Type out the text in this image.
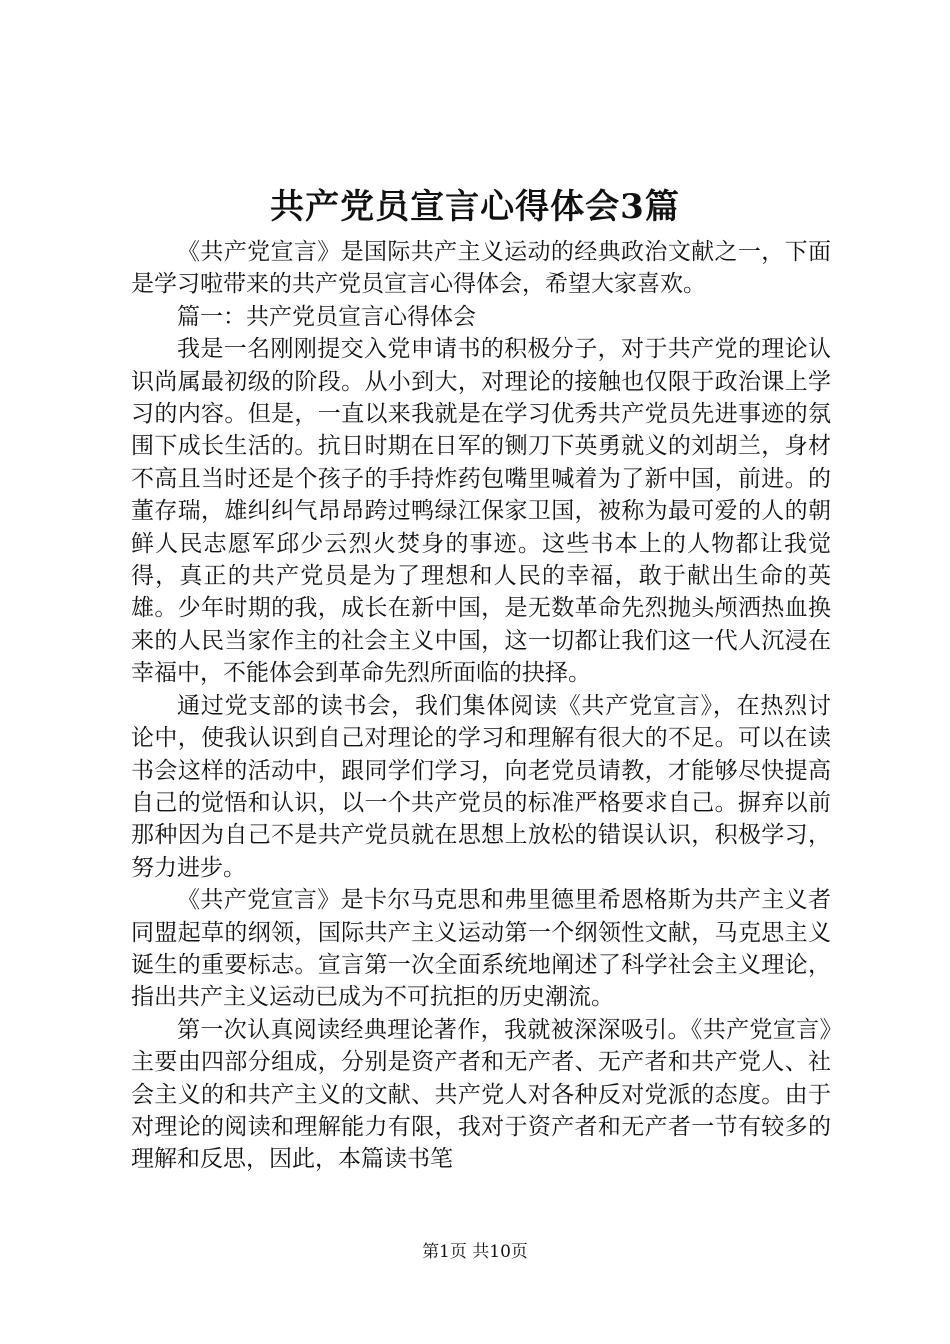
共产党员宣言心得体会3篇

《共产党宣言》是国际共产主义运动的经典政治文献之一，下面是学习啦带来的共产党员宣言心得体会，希望大家喜欢。

篇一：共产党员宣言心得体会

我是一名刚刚提交入党申请书的积极分子，对于共产党的理论认识尚属最初级的阶段。从小到大，对理论的接触也仅限于政治课上学习的内容。但是，一直以来我就是在学习优秀共产党员先进事迹的氛围下成长生活的。抗日时期在日军的铡刀下英勇就义的刘胡兰，身材不高且当时还是个孩子的手持炸药包嘴里喊着为了新中国，前进。的董存瑞，雄纠纠气昂昂跨过鸭绿江保家卫国，被称为最可爱的人的朝鲜人民志愿军邱少云烈火焚身的事迹。这些书本上的人物都让我觉得，真正的共产党员是为了理想和人民的幸福，敢于献出生命的英雄。少年时期的我，成长在新中国，是无数革命先烈抛头颅洒热血换来的人民当家作主的社会主义中国，这一切都让我们这一代人沉浸在幸福中，不能体会到革命先烈所面临的抉择。

通过党支部的读书会，我们集体阅读《共产党宣言》，在热烈讨论中，使我认识到自己对理论的学习和理解有很大的不足。可以在读书会这样的活动中，跟同学们学习，向老党员请教，才能够尽快提高自己的觉悟和认识，以一个共产党员的标准严格要求自己。摒弃以前那种因为自己不是共产党员就在思想上放松的错误认识，积极学习，努力进步。

《共产党宣言》是卡尔马克思和弗里德里希恩格斯为共产主义者同盟起草的纲领，国际共产主义运动第一个纲领性文献，马克思主义诞生的重要标志。宣言第一次全面系统地阐述了科学社会主义理论，指出共产主义运动已成为不可抗拒的历史潮流。

第一次认真阅读经典理论著作，我就被深深吸引。《共产党宣言》主要由四部分组成，分别是资产者和无产者、无产者和共产党人、社会主义的和共产主义的文献、共产党人对各种反对党派的态度。由于对理论的阅读和理解能力有限，我对于资产者和无产者一节有较多的理解和反思，因此，本篇读书笔

第1页 共10页
